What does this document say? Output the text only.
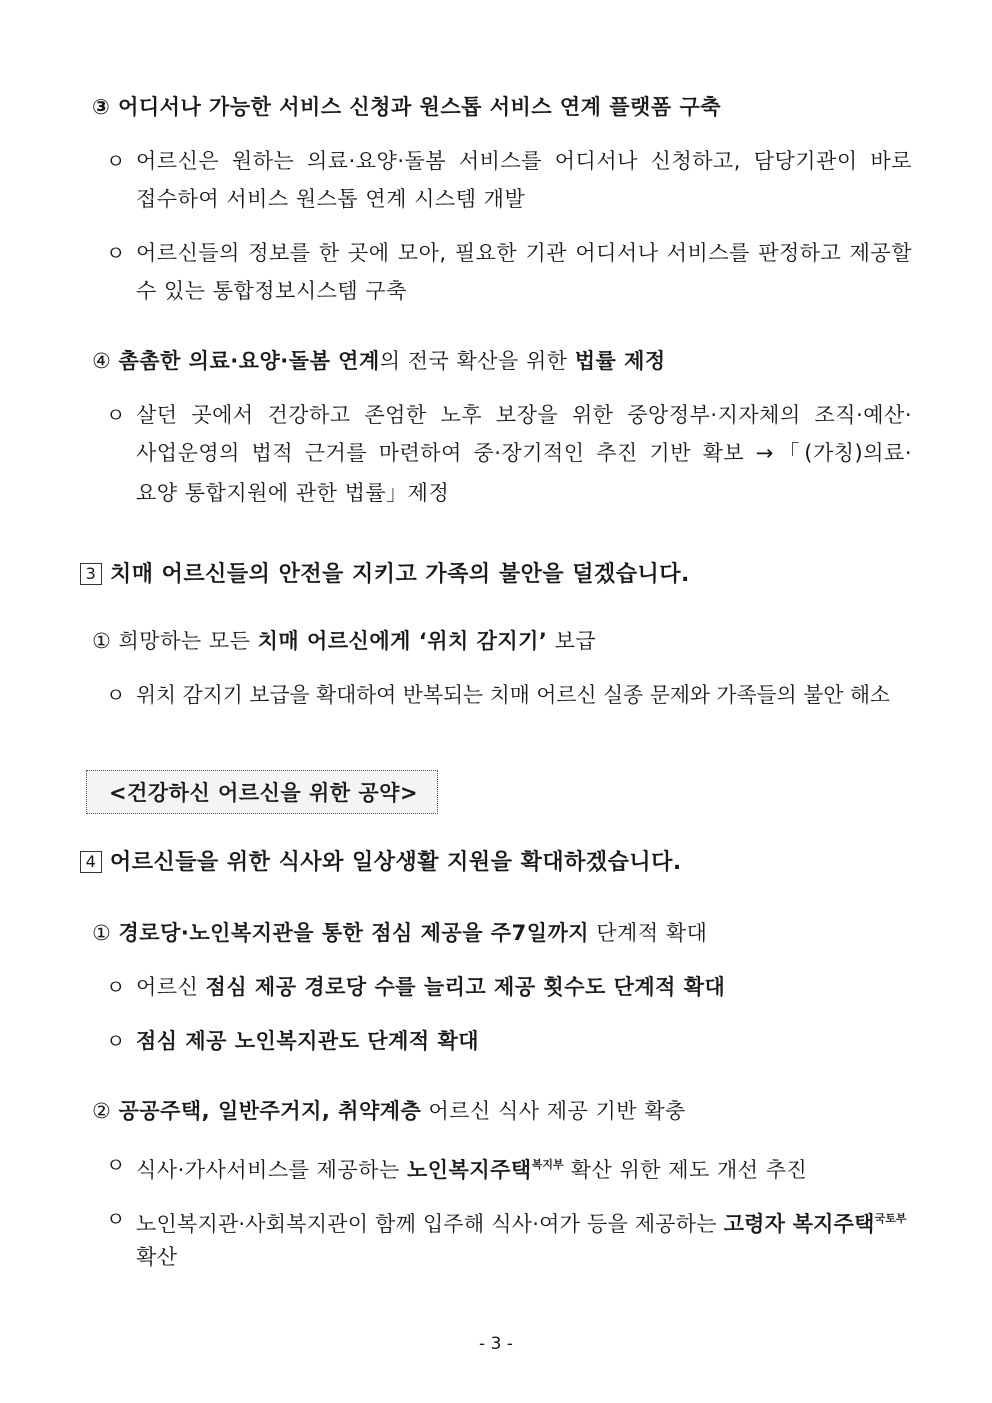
③ 어디서나 가능한 서비스 신청과 원스톱 서비스 연계 플랫폼 구축
ㅇ 어르신은 원하는 의료·요양·돌봄 서비스를 어디서나 신청하고, 담당기관이 바로
접수하여 서비스 원스톱 연계 시스템 개발
ㅇ 어르신들의 정보를 한 곳에 모아, 필요한 기관 어디서나 서비스를 판정하고 제공할
수 있는 통합정보시스템 구축
④ 촘촘한 의료·요양·돌봄 연계의 전국 확산을 위한 법률 제정
ㅇ 살던 곳에서 건강하고 존엄한 노후 보장을 위한 중앙정부·지자체의 조직·예산·
사업운영의 법적 근거를 마련하여 중·장기적인 추진 기반 확보 →「(가칭)의료·
요양 통합지원에 관한 법률」제정
3 치매 어르신들의 안전을 지키고 가족의 불안을 덜겠습니다.
① 희망하는 모든 치매 어르신에게 ‘위치 감지기’ 보급
ㅇ 위치 감지기 보급을 확대하여 반복되는 치매 어르신 실종 문제와 가족들의 불안 해소
<건강하신 어르신을 위한 공약>
4 어르신들을 위한 식사와 일상생활 지원을 확대하겠습니다.
① 경로당·노인복지관을 통한 점심 제공을 주7일까지 단계적 확대
ㅇ 어르신 점심 제공 경로당 수를 늘리고 제공 횟수도 단계적 확대
ㅇ 점심 제공 노인복지관도 단계적 확대
② 공공주택, 일반주거지, 취약계층 어르신 식사 제공 기반 확충
ㅇ 식사·가사서비스를 제공하는 노인복지주택$^{복지부}$ 확산 위한 제도 개선 추진
ㅇ 노인복지관·사회복지관이 함께 입주해 식사·여가 등을 제공하는 고령자 복지주택$^{국토부}$
확산
- 3 -
